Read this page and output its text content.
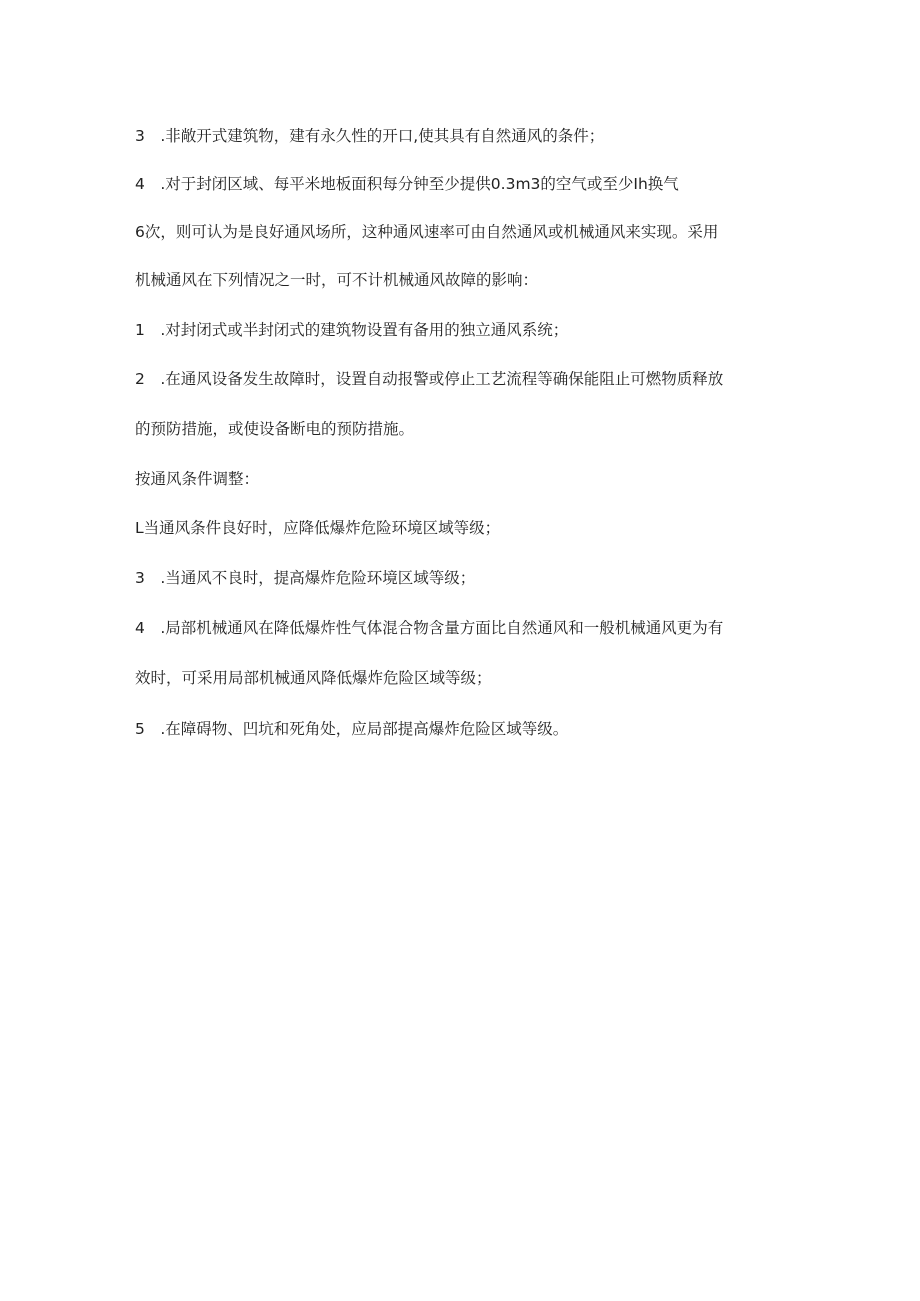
3　.非敞开式建筑物，建有永久性的开口,使其具有自然通风的条件；

4　.对于封闭区域、每平米地板面积每分钟至少提供0.3m3的空气或至少Ih换气

6次，则可认为是良好通风场所，这种通风速率可由自然通风或机械通风来实现。采用

机械通风在下列情况之一时，可不计机械通风故障的影响：

1　.对封闭式或半封闭式的建筑物设置有备用的独立通风系统；

2　.在通风设备发生故障时，设置自动报警或停止工艺流程等确保能阻止可燃物质释放

的预防措施，或使设备断电的预防措施。

按通风条件调整：

L当通风条件良好时，应降低爆炸危险环境区域等级；

3　.当通风不良时，提高爆炸危险环境区域等级；

4　.局部机械通风在降低爆炸性气体混合物含量方面比自然通风和一般机械通风更为有

效时，可采用局部机械通风降低爆炸危险区域等级；

5　.在障碍物、凹坑和死角处，应局部提高爆炸危险区域等级。
